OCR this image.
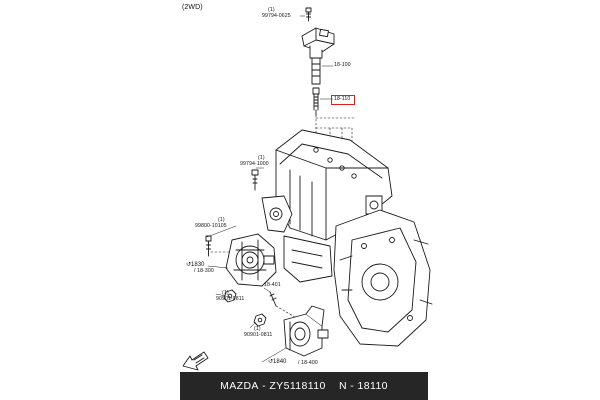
(2WD)	(1)
99794-0625
18-100
18-110
(1)
99794-1000
(1)
99800-10105
↺1830
/ 18-300
18-401
(1)
90901-0811
(1)
90901-0811
↺1840 / 18-400
MAZDA - ZY5118110
N - 18110
